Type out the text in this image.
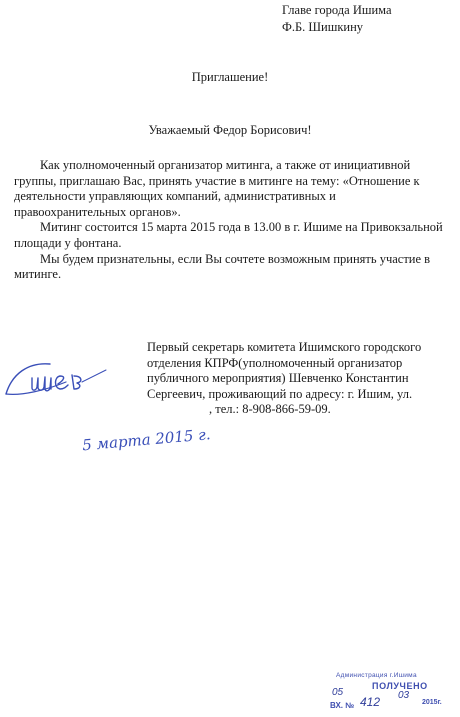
Главе города Ишима
Ф.Б. Шишкину
Приглашение!
Уважаемый Федор Борисович!

Как уполномоченный организатор митинга, а также от инициативной группы, приглашаю Вас, принять участие в митинге на тему: «Отношение к деятельности управляющих компаний, административных и правоохранительных органов».

Митинг состоится 15 марта 2015 года в 13.00 в г. Ишиме на Привокзальной площади у фонтана.

Мы будем признательны, если Вы сочтете возможным принять участие в митинге.

5 марта 2015 г.

Первый секретарь комитета Ишимского городского отделения КПРФ(уполномоченный организатор публичного мероприятия) Шевченко Константин Сергеевич, проживающий по адресу: г. Ишим, ул.

, тел.: 8-908-866-59-09.

Администрация г.Ишима
ПОЛУЧЕНО
05
ВХ. № 412 03
2015г.
